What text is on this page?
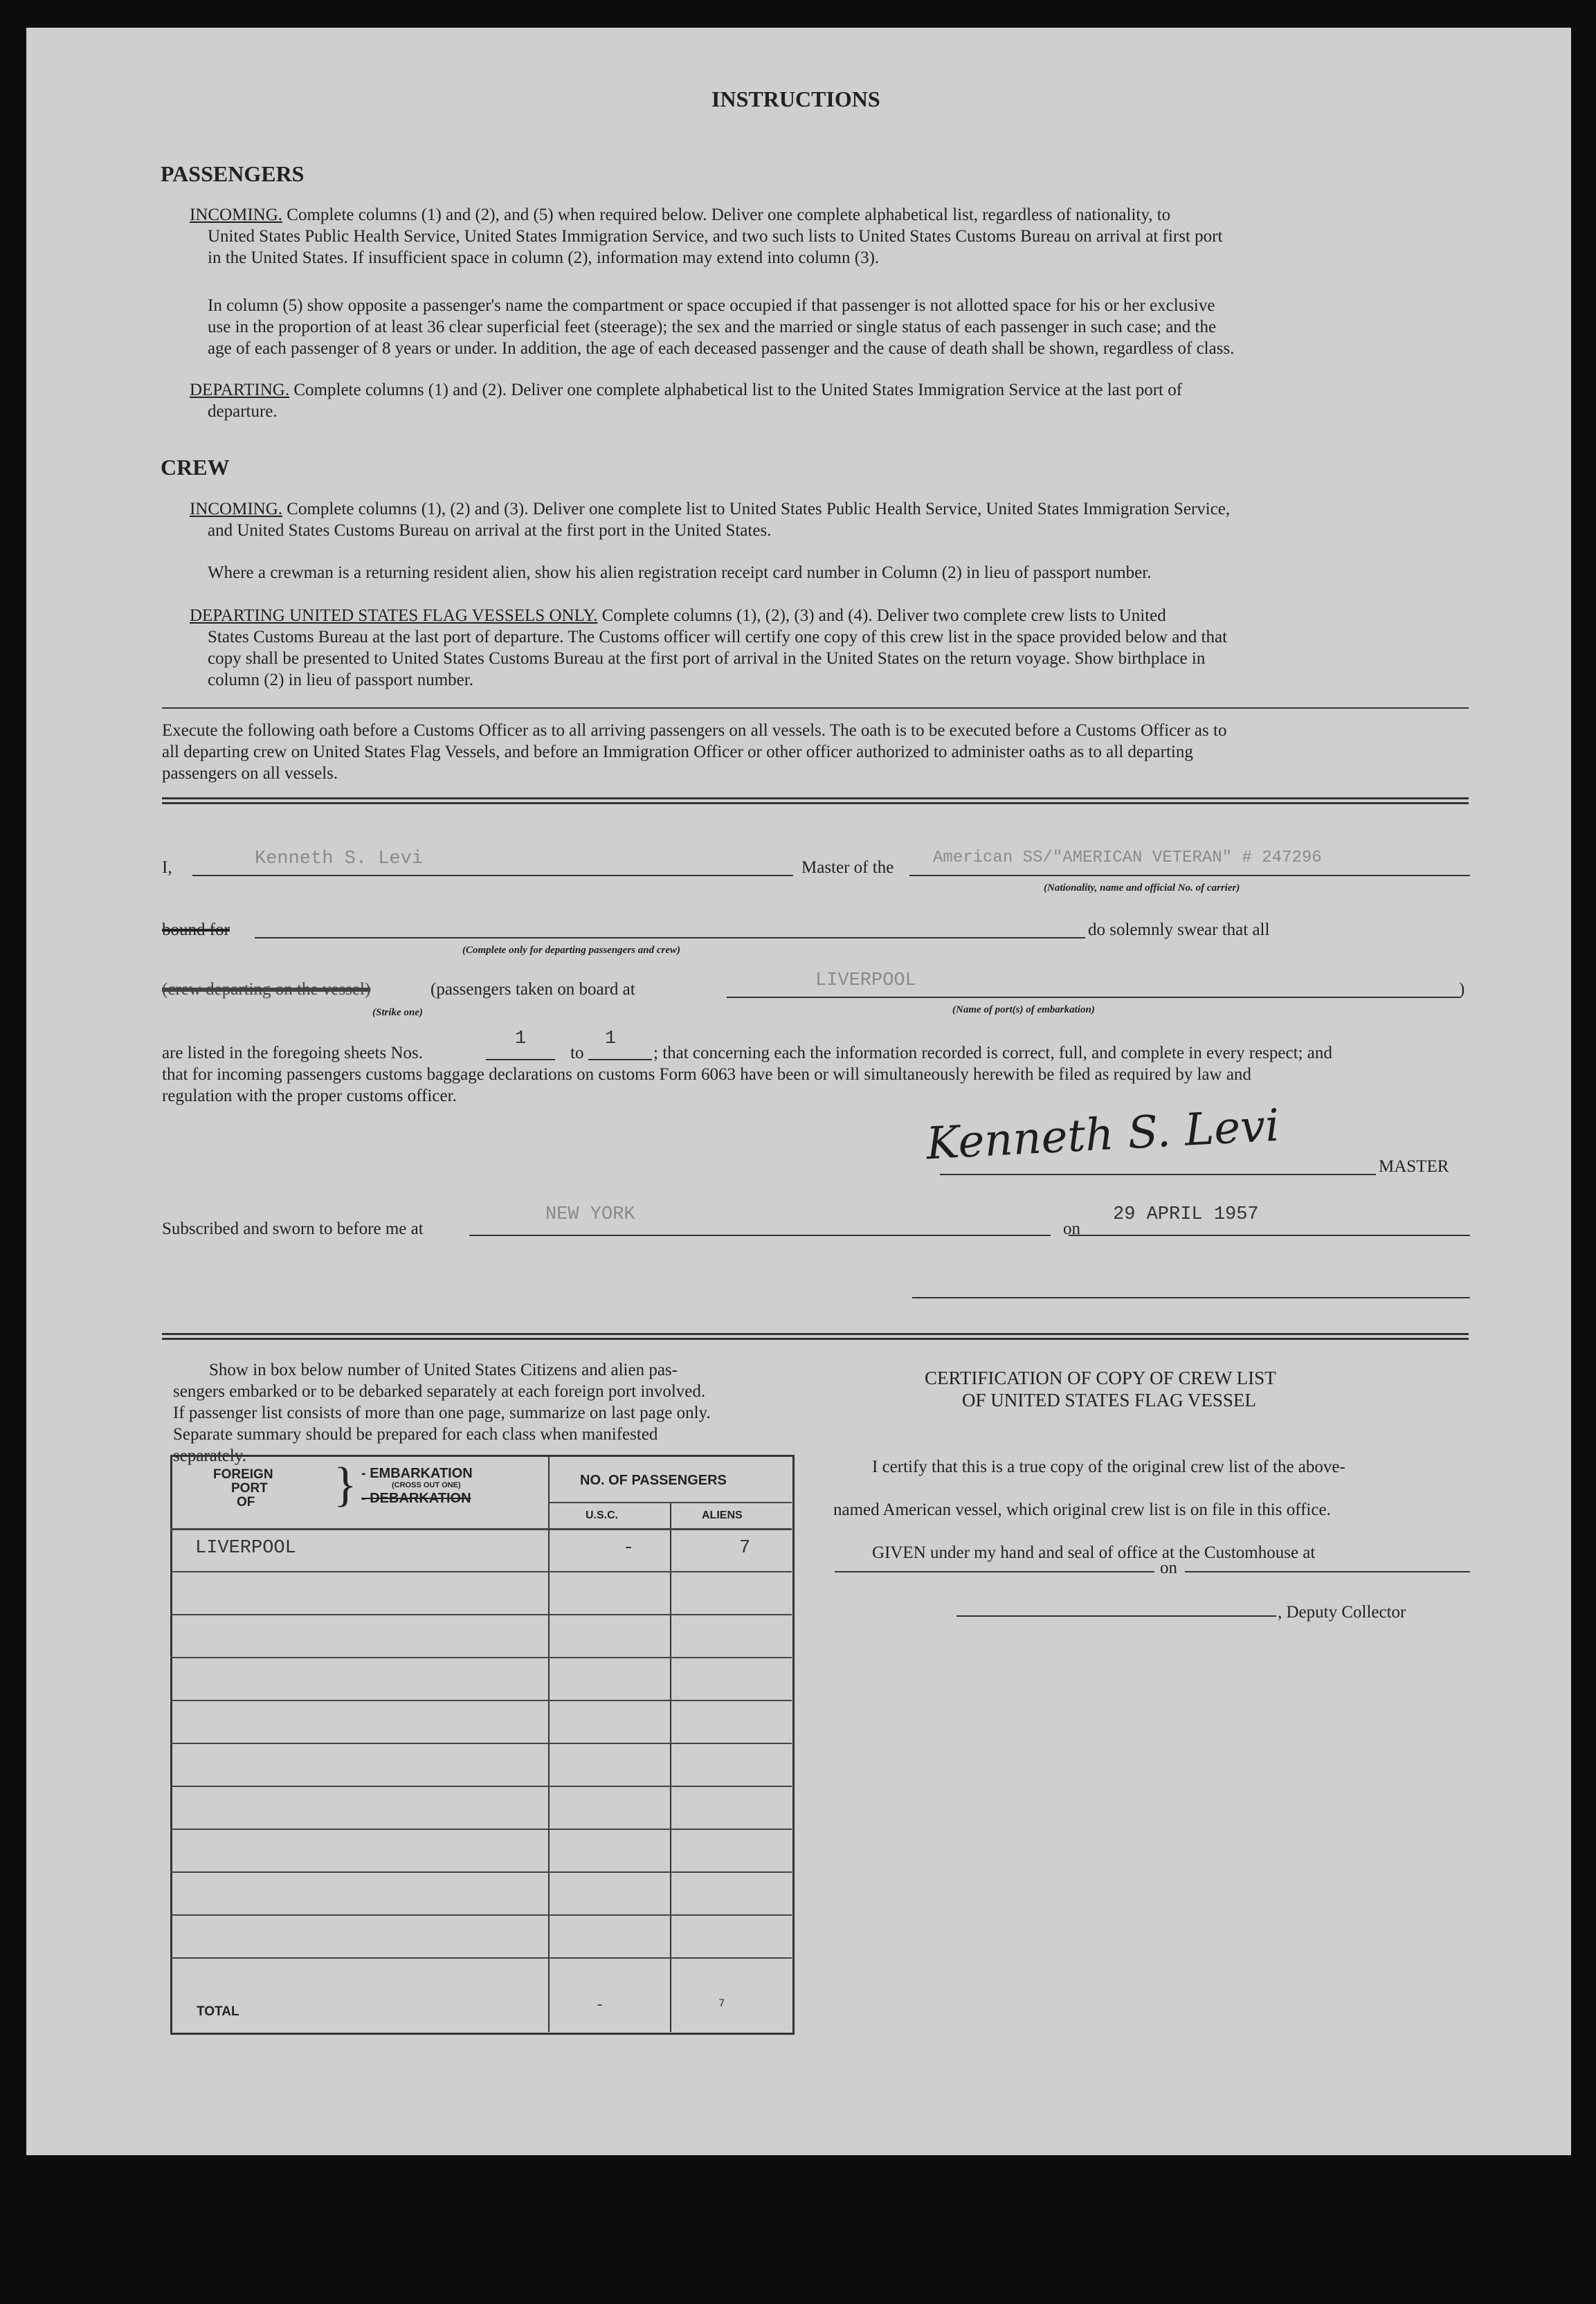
INSTRUCTIONS
PASSENGERS
INCOMING. Complete columns (1) and (2), and (5) when required below. Deliver one complete alphabetical list, regardless of nationality, to
United States Public Health Service, United States Immigration Service, and two such lists to United States Customs Bureau on arrival at first port
in the United States. If insufficient space in column (2), information may extend into column (3).
In column (5) show opposite a passenger's name the compartment or space occupied if that passenger is not allotted space for his or her exclusive
use in the proportion of at least 36 clear superficial feet (steerage); the sex and the married or single status of each passenger in such case; and the
age of each passenger of 8 years or under. In addition, the age of each deceased passenger and the cause of death shall be shown, regardless of class.
DEPARTING. Complete columns (1) and (2). Deliver one complete alphabetical list to the United States Immigration Service at the last port of
departure.
CREW
INCOMING. Complete columns (1), (2) and (3). Deliver one complete list to United States Public Health Service, United States Immigration Service,
and United States Customs Bureau on arrival at the first port in the United States.
Where a crewman is a returning resident alien, show his alien registration receipt card number in Column (2) in lieu of passport number.
DEPARTING UNITED STATES FLAG VESSELS ONLY. Complete columns (1), (2), (3) and (4). Deliver two complete crew lists to United
States Customs Bureau at the last port of departure. The Customs officer will certify one copy of this crew list in the space provided below and that
copy shall be presented to United States Customs Bureau at the first port of arrival in the United States on the return voyage. Show birthplace in
column (2) in lieu of passport number.
Execute the following oath before a Customs Officer as to all arriving passengers on all vessels. The oath is to be executed before a Customs Officer as to
all departing crew on United States Flag Vessels, and before an Immigration Officer or other officer authorized to administer oaths as to all departing
passengers on all vessels.
I,	Kenneth S. Levi	Master of the
American SS/"AMERICAN VETERAN" # 247296
(Nationality, name and official No. of carrier)
bound for
(Complete only for departing passengers and crew)
do solemnly swear that all
(crew departing on the vessel)	(passengers taken on board at
(Strike one)
LIVERPOOL	)
(Name of port(s) of embarkation)
are listed in the foregoing sheets Nos.
1
to
1
; that concerning each the information recorded is correct, full, and complete in every respect; and
that for incoming passengers customs baggage declarations on customs Form 6063 have been or will simultaneously herewith be filed as required by law and
regulation with the proper customs officer.
Kenneth S. Levi	MASTER
Subscribed and sworn to before me at
NEW YORK
on
29 APRIL 1957
Show in box below number of United States Citizens and alien pas-
sengers embarked or to be debarked separately at each foreign port involved.
If passenger list consists of more than one page, summarize on last page only.
Separate summary should be prepared for each class when manifested
separately.
FOREIGN
PORT
OF } - EMBARKATION
(CROSS OUT ONE)
- DEBARKATION
NO. OF PASSENGERS
U.S.C.	ALIENS
TOTAL	-	7
CERTIFICATION OF COPY OF CREW LIST
OF UNITED STATES FLAG VESSEL
I certify that this is a true copy of the original crew list of the above-
named American vessel, which original crew list is on file in this office.
GIVEN under my hand and seal of office at the Customhouse at
on
, Deputy Collector
LIVERPOOL	-	7
